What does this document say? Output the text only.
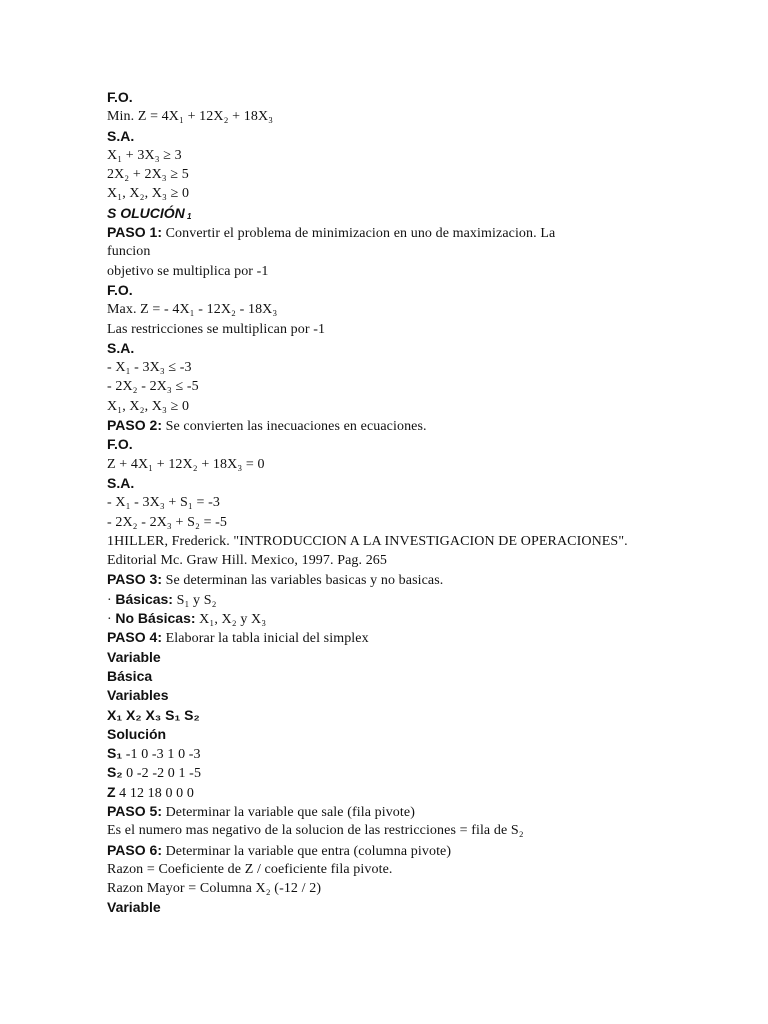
F.O.
Min. Z = 4X₁ + 12X₂ + 18X₃
S.A.
X₁ + 3X₃ ≥ 3
2X₂ + 2X₃ ≥ 5
X₁, X₂, X₃ ≥ 0
S OLUCIÓN 1
PASO 1: Convertir el problema de minimizacion en uno de maximizacion. La
funcion
objetivo se multiplica por -1
F.O.
Max. Z = - 4X₁ - 12X₂ - 18X₃
Las restricciones se multiplican por -1
S.A.
- X₁ - 3X₃ ≤ -3
- 2X₂ - 2X₃ ≤ -5
X₁, X₂, X₃ ≥ 0
PASO 2: Se convierten las inecuaciones en ecuaciones.
F.O.
Z + 4X₁ + 12X₂ + 18X₃ = 0
S.A.
- X₁ - 3X₃ + S₁ = -3
- 2X₂ - 2X₃ + S₂ = -5
1HILLER, Frederick. "INTRODUCCION A LA INVESTIGACION DE OPERACIONES".
Editorial Mc. Graw Hill. Mexico, 1997. Pag. 265
PASO 3: Se determinan las variables basicas y no basicas.
· Básicas: S₁ y S₂
· No Básicas: X₁, X₂ y X₃
PASO 4: Elaborar la tabla inicial del simplex
Variable
Básica
Variables
X₁ X₂ X₃ S₁ S₂
Solución
S₁ -1 0 -3 1 0 -3
S₂ 0 -2 -2 0 1 -5
Z 4 12 18 0 0 0
PASO 5: Determinar la variable que sale (fila pivote)
Es el numero mas negativo de la solucion de las restricciones = fila de S₂
PASO 6: Determinar la variable que entra (columna pivote)
Razon = Coeficiente de Z / coeficiente fila pivote.
Razon Mayor = Columna X₂ (-12 / 2)
Variable
